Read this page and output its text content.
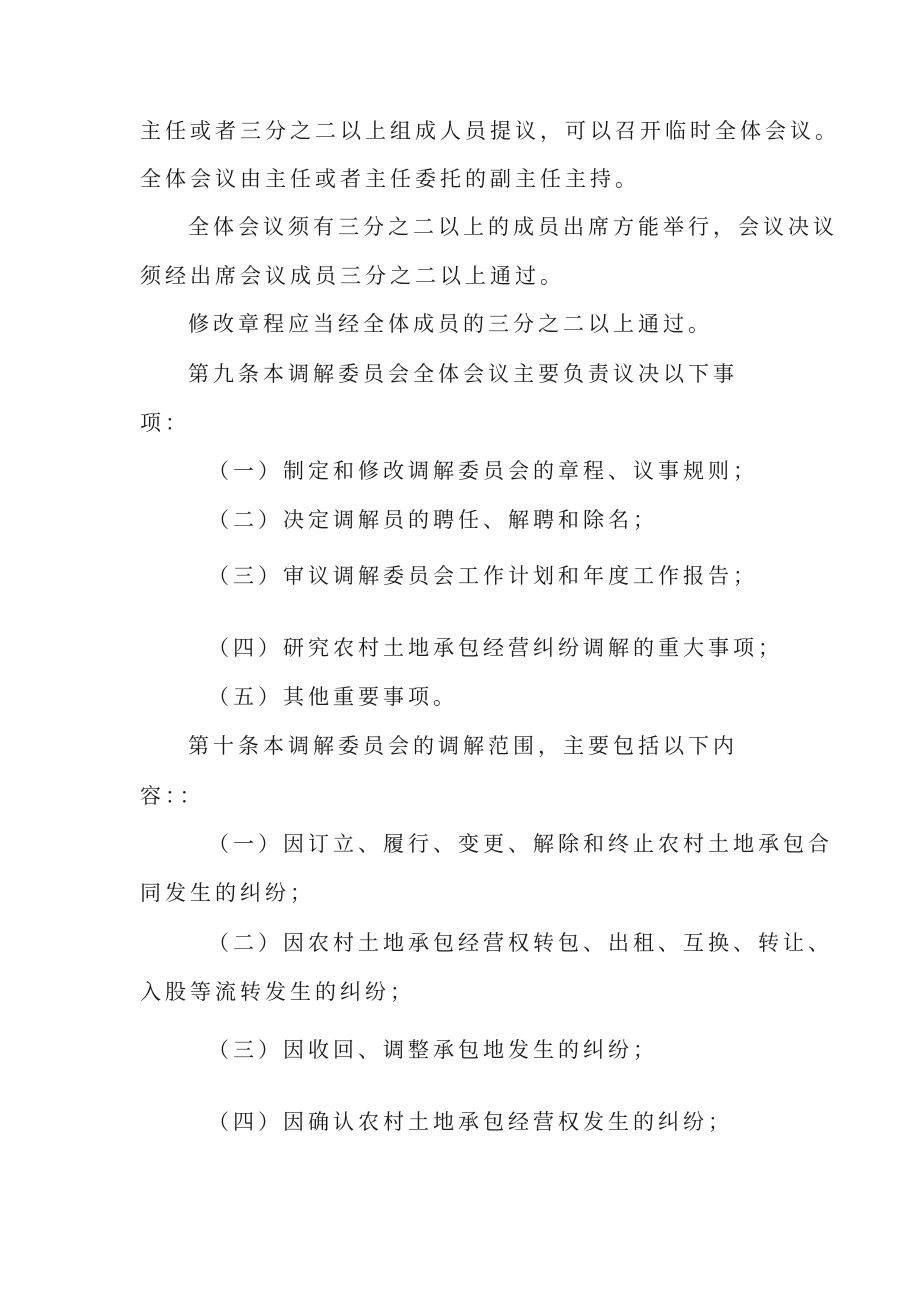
主任或者三分之二以上组成人员提议，可以召开临时全体会议。
全体会议由主任或者主任委托的副主任主持。
全体会议须有三分之二以上的成员出席方能举行，会议决议
须经出席会议成员三分之二以上通过。
修改章程应当经全体成员的三分之二以上通过。
第九条本调解委员会全体会议主要负责议决以下事
项：
（一）制定和修改调解委员会的章程、议事规则；
（二）决定调解员的聘任、解聘和除名；
（三）审议调解委员会工作计划和年度工作报告；
（四）研究农村土地承包经营纠纷调解的重大事项；
（五）其他重要事项。
第十条本调解委员会的调解范围，主要包括以下内
容：：
（一）因订立、履行、变更、解除和终止农村土地承包合
同发生的纠纷；
（二）因农村土地承包经营权转包、出租、互换、转让、
入股等流转发生的纠纷；
（三）因收回、调整承包地发生的纠纷；
（四）因确认农村土地承包经营权发生的纠纷；
